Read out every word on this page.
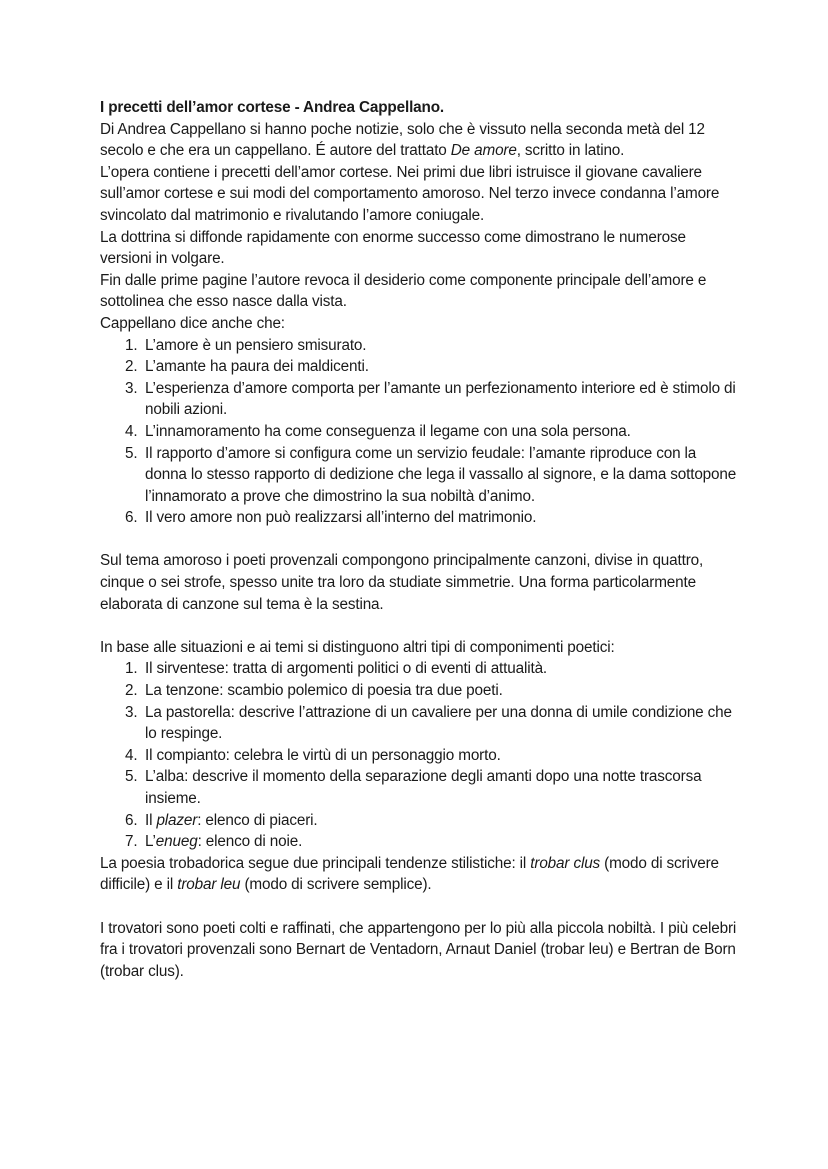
I precetti dell’amor cortese - Andrea Cappellano.

Di Andrea Cappellano si hanno poche notizie, solo che è vissuto nella seconda metà del 12 secolo e che era un cappellano. É autore del trattato De amore, scritto in latino.

L’opera contiene i precetti dell’amor cortese. Nei primi due libri istruisce il giovane cavaliere sull’amor cortese e sui modi del comportamento amoroso. Nel terzo invece condanna l’amore svincolato dal matrimonio e rivalutando l’amore coniugale.

La dottrina si diffonde rapidamente con enorme successo come dimostrano le numerose versioni in volgare.

Fin dalle prime pagine l’autore revoca il desiderio come componente principale dell’amore e sottolinea che esso nasce dalla vista.

Cappellano dice anche che:

1. L’amore è un pensiero smisurato.
2. L’amante ha paura dei maldicenti.
3. L’esperienza d’amore comporta per l’amante un perfezionamento interiore ed è stimolo di nobili azioni.
4. L’innamoramento ha come conseguenza il legame con una sola persona.
5. Il rapporto d’amore si configura come un servizio feudale: l’amante riproduce con la donna lo stesso rapporto di dedizione che lega il vassallo al signore, e la dama sottopone l’innamorato a prove che dimostrino la sua nobiltà d’animo.
6. Il vero amore non può realizzarsi all’interno del matrimonio.

Sul tema amoroso i poeti provenzali compongono principalmente canzoni, divise in quattro, cinque o sei strofe, spesso unite tra loro da studiate simmetrie. Una forma particolarmente elaborata di canzone sul tema è la sestina.

In base alle situazioni e ai temi si distinguono altri tipi di componimenti poetici:

1. Il sirventese: tratta di argomenti politici o di eventi di attualità.
2. La tenzone: scambio polemico di poesia tra due poeti.
3. La pastorella: descrive l’attrazione di un cavaliere per una donna di umile condizione che lo respinge.
4. Il compianto: celebra le virtù di un personaggio morto.
5. L’alba: descrive il momento della separazione degli amanti dopo una notte trascorsa insieme.
6. Il plazer: elenco di piaceri.
7. L’enueg: elenco di noie.

La poesia trobadorica segue due principali tendenze stilistiche: il trobar clus (modo di scrivere difficile) e il trobar leu (modo di scrivere semplice).

I trovatori sono poeti colti e raffinati, che appartengono per lo più alla piccola nobiltà. I più celebri fra i trovatori provenzali sono Bernart de Ventadorn, Arnaut Daniel (trobar leu) e Bertran de Born (trobar clus).
